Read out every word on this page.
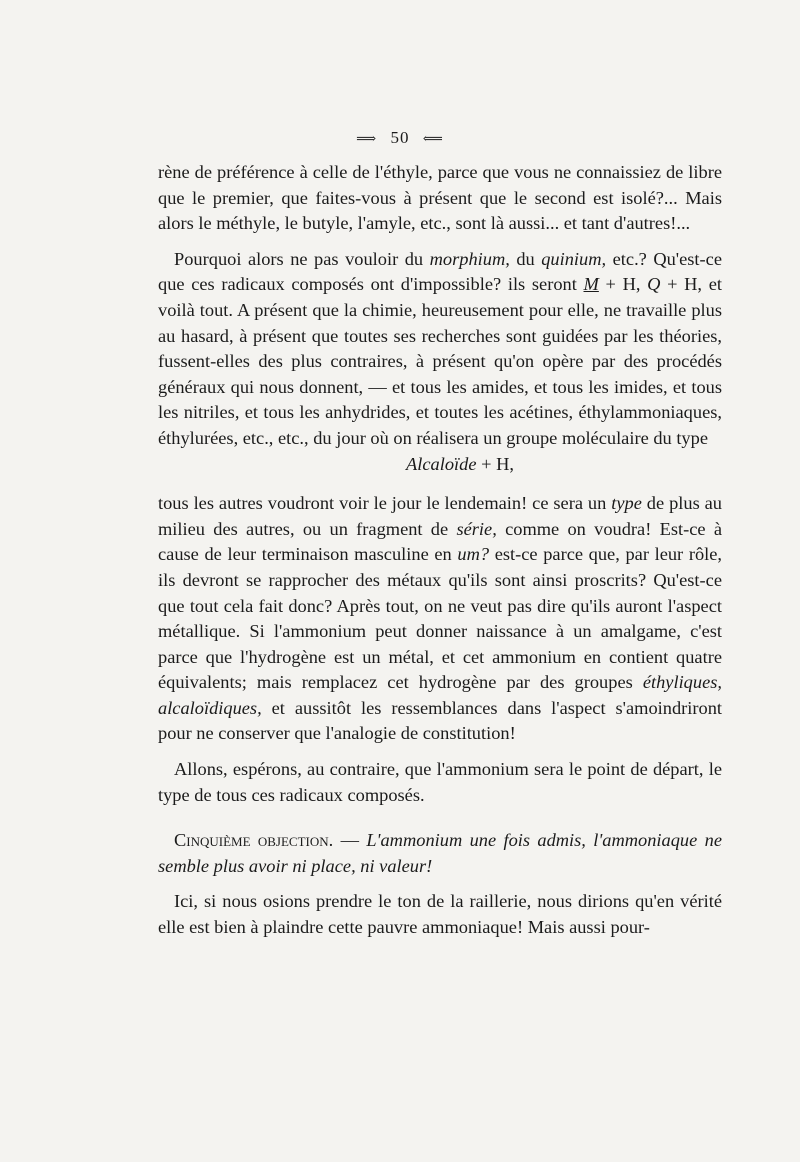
⟹ 50 ⟸

rène de préférence à celle de l'éthyle, parce que vous ne connaissiez de libre que le premier, que faites-vous à présent que le second est isolé?... Mais alors le méthyle, le butyle, l'amyle, etc., sont là aussi... et tant d'autres!...

Pourquoi alors ne pas vouloir du morphium, du quinium, etc.? Qu'est-ce que ces radicaux composés ont d'impossible? ils seront M + H, Q + H, et voilà tout. A présent que la chimie, heureusement pour elle, ne travaille plus au hasard, à présent que toutes ses recherches sont guidées par les théories, fussent-elles des plus contraires, à présent qu'on opère par des procédés généraux qui nous donnent, — et tous les amides, et tous les imides, et tous les nitriles, et tous les anhydrides, et toutes les acétines, éthylammoniaques, éthylurées, etc., etc., du jour où on réalisera un groupe moléculaire du type

Alcaloïde + H,

tous les autres voudront voir le jour le lendemain! ce sera un type de plus au milieu des autres, ou un fragment de série, comme on voudra! Est-ce à cause de leur terminaison masculine en um? est-ce parce que, par leur rôle, ils devront se rapprocher des métaux qu'ils sont ainsi proscrits? Qu'est-ce que tout cela fait donc? Après tout, on ne veut pas dire qu'ils auront l'aspect métallique. Si l'ammonium peut donner naissance à un amalgame, c'est parce que l'hydrogène est un métal, et cet ammonium en contient quatre équivalents; mais remplacez cet hydrogène par des groupes éthyliques, alcaloïdiques, et aussitôt les ressemblances dans l'aspect s'amoindriront pour ne conserver que l'analogie de constitution!

Allons, espérons, au contraire, que l'ammonium sera le point de départ, le type de tous ces radicaux composés.

Cinquième objection. — L'ammonium une fois admis, l'ammoniaque ne semble plus avoir ni place, ni valeur!

Ici, si nous osions prendre le ton de la raillerie, nous dirions qu'en vérité elle est bien à plaindre cette pauvre ammoniaque! Mais aussi pour-
